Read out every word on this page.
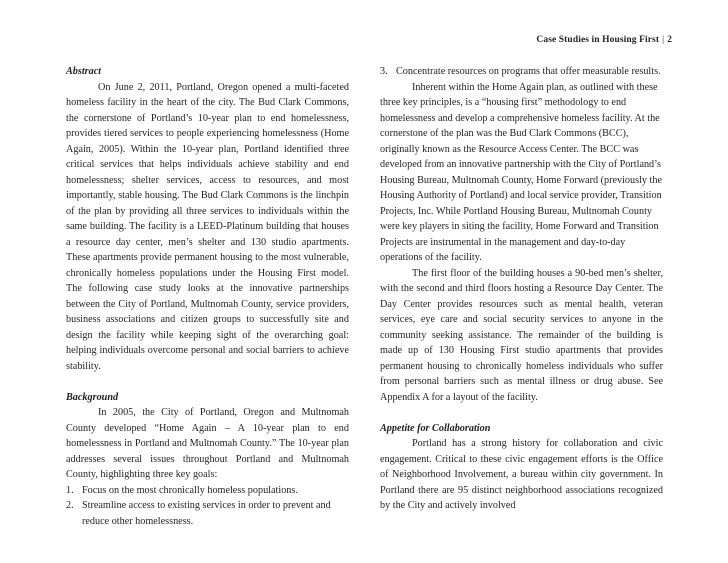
Case Studies in Housing First | 2

Abstract

On June 2, 2011, Portland, Oregon opened a multi-faceted homeless facility in the heart of the city. The Bud Clark Commons, the cornerstone of Portland’s 10-year plan to end homelessness, provides tiered services to people experiencing homelessness (Home Again, 2005). Within the 10-year plan, Portland identified three critical services that helps individuals achieve stability and end homelessness; shelter services, access to resources, and most importantly, stable housing. The Bud Clark Commons is the linchpin of the plan by providing all three services to individuals within the same building. The facility is a LEED-Platinum building that houses a resource day center, men’s shelter and 130 studio apartments. These apartments provide permanent housing to the most vulnerable, chronically homeless populations under the Housing First model. The following case study looks at the innovative partnerships between the City of Portland, Multnomah County, service providers, business associations and citizen groups to successfully site and design the facility while keeping sight of the overarching goal: helping individuals overcome personal and social barriers to achieve stability.

Background

In 2005, the City of Portland, Oregon and Multnomah County developed “Home Again – A 10-year plan to end homelessness in Portland and Multnomah County.” The 10-year plan addresses several issues throughout Portland and Multnomah County, highlighting three key goals:

1. Focus on the most chronically homeless populations.
2. Streamline access to existing services in order to prevent and reduce other homelessness.
3. Concentrate resources on programs that offer measurable results.

Inherent within the Home Again plan, as outlined with these three key principles, is a “housing first” methodology to end homelessness and develop a comprehensive homeless facility. At the cornerstone of the plan was the Bud Clark Commons (BCC), originally known as the Resource Access Center. The BCC was developed from an innovative partnership with the City of Portland’s Housing Bureau, Multnomah County, Home Forward (previously the Housing Authority of Portland) and local service provider, Transition Projects, Inc. While Portland Housing Bureau, Multnomah County were key players in siting the facility, Home Forward and Transition Projects are instrumental in the management and day-to-day operations of the facility.

The first floor of the building houses a 90-bed men’s shelter, with the second and third floors hosting a Resource Day Center. The Day Center provides resources such as mental health, veteran services, eye care and social security services to anyone in the community seeking assistance. The remainder of the building is made up of 130 Housing First studio apartments that provides permanent housing to chronically homeless individuals who suffer from personal barriers such as mental illness or drug abuse. See Appendix A for a layout of the facility.

Appetite for Collaboration

Portland has a strong history for collaboration and civic engagement. Critical to these civic engagement efforts is the Office of Neighborhood Involvement, a bureau within city government. In Portland there are 95 distinct neighborhood associations recognized by the City and actively involved
